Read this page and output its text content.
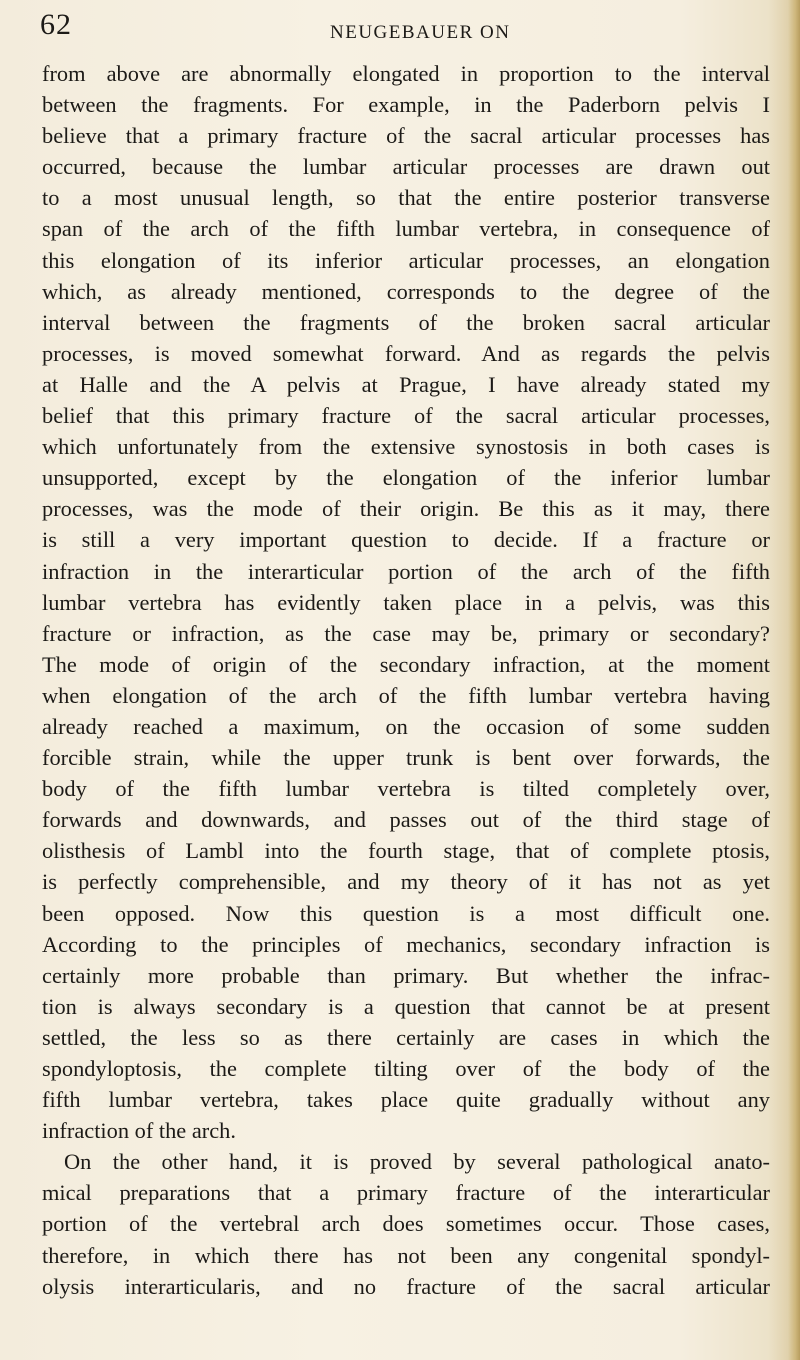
62	NEUGEBAUER ON
from above are abnormally elongated in proportion to the interval
between the fragments. For example, in the Paderborn pelvis I
believe that a primary fracture of the sacral articular processes has
occurred, because the lumbar articular processes are drawn out
to a most unusual length, so that the entire posterior transverse
span of the arch of the fifth lumbar vertebra, in consequence of
this elongation of its inferior articular processes, an elongation
which, as already mentioned, corresponds to the degree of the
interval between the fragments of the broken sacral articular
processes, is moved somewhat forward. And as regards the pelvis
at Halle and the A pelvis at Prague, I have already stated my
belief that this primary fracture of the sacral articular processes,
which unfortunately from the extensive synostosis in both cases is
unsupported, except by the elongation of the inferior lumbar
processes, was the mode of their origin. Be this as it may, there
is still a very important question to decide. If a fracture or
infraction in the interarticular portion of the arch of the fifth
lumbar vertebra has evidently taken place in a pelvis, was this
fracture or infraction, as the case may be, primary or secondary?
The mode of origin of the secondary infraction, at the moment
when elongation of the arch of the fifth lumbar vertebra having
already reached a maximum, on the occasion of some sudden
forcible strain, while the upper trunk is bent over forwards, the
body of the fifth lumbar vertebra is tilted completely over,
forwards and downwards, and passes out of the third stage of
olisthesis of Lambl into the fourth stage, that of complete ptosis,
is perfectly comprehensible, and my theory of it has not as yet
been opposed. Now this question is a most difficult one.
According to the principles of mechanics, secondary infraction is
certainly more probable than primary. But whether the infrac-
tion is always secondary is a question that cannot be at present
settled, the less so as there certainly are cases in which the
spondyloptosis, the complete tilting over of the body of the
fifth lumbar vertebra, takes place quite gradually without any
infraction of the arch.
On the other hand, it is proved by several pathological anato-
mical preparations that a primary fracture of the interarticular
portion of the vertebral arch does sometimes occur. Those cases,
therefore, in which there has not been any congenital spondyl-
olysis interarticularis, and no fracture of the sacral articular
